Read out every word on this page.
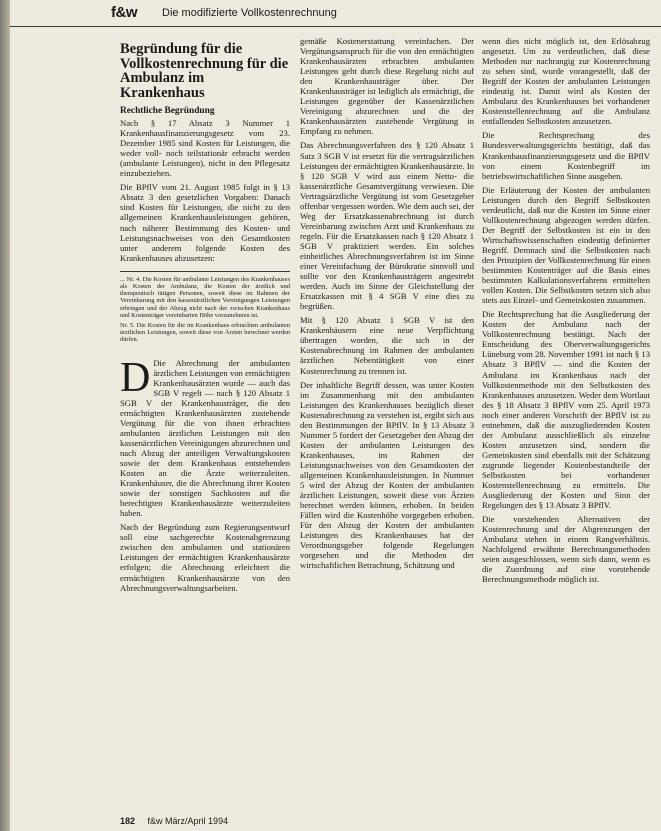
f&w Die modifizierte Vollkostenrechnung
Begründung für die Vollkostenrechnung für die Ambulanz im Krankenhaus
Rechtliche Begründung

Nach § 17 Absatz 3 Nummer 1 Krankenhausfinanzierungsgesetz vom 23. Dezember 1985 sind Kosten für Leistungen, die weder voll- noch teilstationär erbracht werden (ambulante Leistungen), nicht in den Pflegesatz einzubeziehen.

Die BPflV vom 21. August 1985 folgt in § 13 Absatz 3 den gesetzlichen Vorgaben: Danach sind Kosten für Leistungen, die nicht zu den allgemeinen Krankenhausleistungen gehören, nach näherer Bestimmung des Kosten- und Leistungsnachweises von den Gesamtkosten unter anderem folgende Kosten des Krankenhauses abzusetzen:

... Nr. 4. Die Kosten für ambulante Leistungen des Krankenhauses als Kosten der Ambulanz, die Kosten der ärztlich und therapeutisch tätigen Personen, soweit diese im Rahmen der Vereinbarung mit den kassenärztlichen Vereinigungen Leistungen erbringen und der Abzug nicht nach der zwischen Krankenhaus und Kostenträger vereinbarten Höhe vorzunehmen ist.

Nr. 5. Die Kosten für die im Krankenhaus erbrachten ambulanten ärztlichen Leistungen, soweit diese von Ärzten berechnet werden dürfen.

D Die Abrechnung der ambulanten ärztlichen Leistungen von ermächtigten Krankenhausärzten wurde — auch das SGB V regelt — nach § 120 Absatz 1 SGB V der Krankenhausträger, die den ermächtigten Krankenhausärzten zustehende Vergütung für die von ihnen erbrachten ambulanten ärztlichen Leistungen mit den kassenärztlichen Vereinigungen abzurechnen und nach Abzug der anteiligen Verwaltungskosten sowie der dem Krankenhaus entstehenden Kosten an die Ärzte weiterzuleiten. Krankenhäuser, die die Abrechnung ihrer Kosten sowie der sonstigen Sachkosten auf die berechtigten Krankenhausärzte weiterzuleiten haben.

Nach der Begründung zum Regierungsentwurf soll eine sachgerechte Kostenabgrenzung zwischen den ambulanten und stationären Leistungen der ermächtigten Krankenhausärzte erfolgen; die Abrechnung erleichtert die ermächtigten Krankenhausärzte von den Abrechnungsverwaltungsarbeiten.

gemäße Kostenerstattung vereinfachen. Der Vergütungsanspruch für die von den ermächtigten Krankenhausärzten erbrachten ambulanten Leistungen geht durch diese Regelung nicht auf den Krankenhausträger über. Der Krankenhausträger ist lediglich als ermächtigt, die Leistungen gegenüber der Kassenärztlichen Vereinigung abzurechnen und die der Krankenhausärzten zustehende Vergütung in Empfang zu nehmen.

Das Abrechnungsverfahren des § 120 Absatz 1 Satz 3 SGB V ist ersetzt für die vertragsärztlichen Leistungen der ermächtigten Krankenhausärzte. In § 120 SGB V wird aus einem Netto- die kassenärztliche Gesamtvergütung verwiesen. Die Vertragsärztliche Vergütung ist vom Gesetzgeber offenbar vergessen worden. Wie dem auch sei, der Weg der Ersatzkassenabrechnung ist durch Vereinbarung zwischen Arzt und Krankenhaus zu regeln. Für die Ersatzkassen nach § 120 Absatz 1 SGB V praktiziert werden. Ein solches einheitliches Abrechnungsverfahren ist im Sinne einer Vereinfachung der Bürokratie sinnvoll und sollte vor den Krankenhausträgern angestrebt werden. Auch im Sinne der Gleichstellung der Ersatzkassen mit § 4 SGB V eine dies zu begrüßen.

Mit § 120 Absatz 1 SGB V ist den Krankenhäusern eine neue Verpflichtung übertragen worden, die sich in der Kostenabrechnung im Rahmen der ambulanten ärztlichen Nebentätigkeit von einer Kostenrechnung zu trennen ist.

Der inhaltliche Begriff dessen, was unter Kosten im Zusammenhang mit den ambulanten Leistungen des Krankenhauses bezüglich dieser Kostenabrechnung zu verstehen ist, ergibt sich aus den Bestimmungen der BPflV. In § 13 Absatz 3 Nummer 5 fordert der Gesetzgeber den Abzug der Kosten der ambulanten Leistungen des Krankenhauses, im Rahmen der Leistungsnachweises von den Gesamtkosten der allgemeinen Krankenhausleistungen. In Nummer 5 wird der Abzug der Kosten der ambulanten ärztlichen Leistungen, soweit diese von Ärzten berechnet werden können, erhoben. In beiden Fällen wird die Kostenhöhe vorgegeben erhoben. Für den Abzug der Kosten der ambulanten Leistungen des Krankenhauses hat der Verordnungsgeber folgende Regelungen vorgesehen und die Methoden der wirtschaftlichen Betrachtung, Schätzung und

wenn dies nicht möglich ist, den Erlösabzug angesetzt. Um zu verdeutlichen, daß diese Methoden nur nachrangig zur Kostenrechnung zu sehen sind, wurde vorangestellt, daß der Begriff der Kosten der ambulanten Leistungen eindeutig ist. Damit wird als Kosten der Ambulanz des Krankenhauses bei vorhandener Kostenstellenrechnung auf die Ambulanz entfallenden Selbstkosten anzusetzen.

Die Rechtsprechung des Bundesverwaltungsgerichts bestätigt, daß das Krankenhausfinanzierungsgesetz und die BPflV von einem Kostenbegriff im betriebswirtschaftlichen Sinne ausgehen.

Die Erläuterung der Kosten der ambulanten Leistungen durch den Begriff Selbstkosten verdeutlicht, daß nur die Kosten im Sinne einer Vollkostenrechnung abgezogen werden dürfen. Der Begriff der Selbstkosten ist ein in den Wirtschaftswissenschaften eindeutig definierter Begriff. Demnach sind die Selbstkosten nach den Prinzipien der Vollkostenrechnung für einen bestimmten Kostenträger auf die Basis eines bestimmten Kalkulationsverfahrens ermittelten vollen Kosten. Die Selbstkosten setzen sich also stets aus Einzel- und Gemeinkosten zusammen.

Die Rechtsprechung hat die Ausgliederung der Kosten der Ambulanz nach der Vollkostenrechnung bestätigt. Nach der Entscheidung des Oberverwaltungsgerichts Lüneburg vom 28. November 1991 ist nach § 13 Absatz 3 BPflV — sind die Kosten der Ambulanz im Krankenhaus nach der Vollkostenmethode mit den Selbstkosten des Krankenhauses anzusetzen. Weder dem Wortlaut des § 18 Absatz 3 BPflV vom 25. April 1973 noch einer anderen Vorschrift der BPflV ist zu entnehmen, daß die auszugliedernden Kosten der Ambulanz ausschließlich als einzelne Kosten anzusetzen sind, sondern die Gemeinkosten sind ebenfalls mit der Schätzung zugrunde liegender Kostenbestandteile der Selbstkosten bei vorhandener Kostenstellenrechnung zu ermitteln. Die Ausgliederung der Kosten und Sinn der Regelungen des § 13 Absatz 3 BPflV.

Die vorstehenden Alternativen der Kostenrechnung und der Abgrenzungen der Ambulanz stehen in einem Rangverhältnis. Nachfolgend erwähnte Berechnungsmethoden seien ausgeschlossen, wenn sich dann, wenn es die Zuordnung auf eine vorstehende Berechnungsmethode möglich ist.

182 f&w März/April 1994
